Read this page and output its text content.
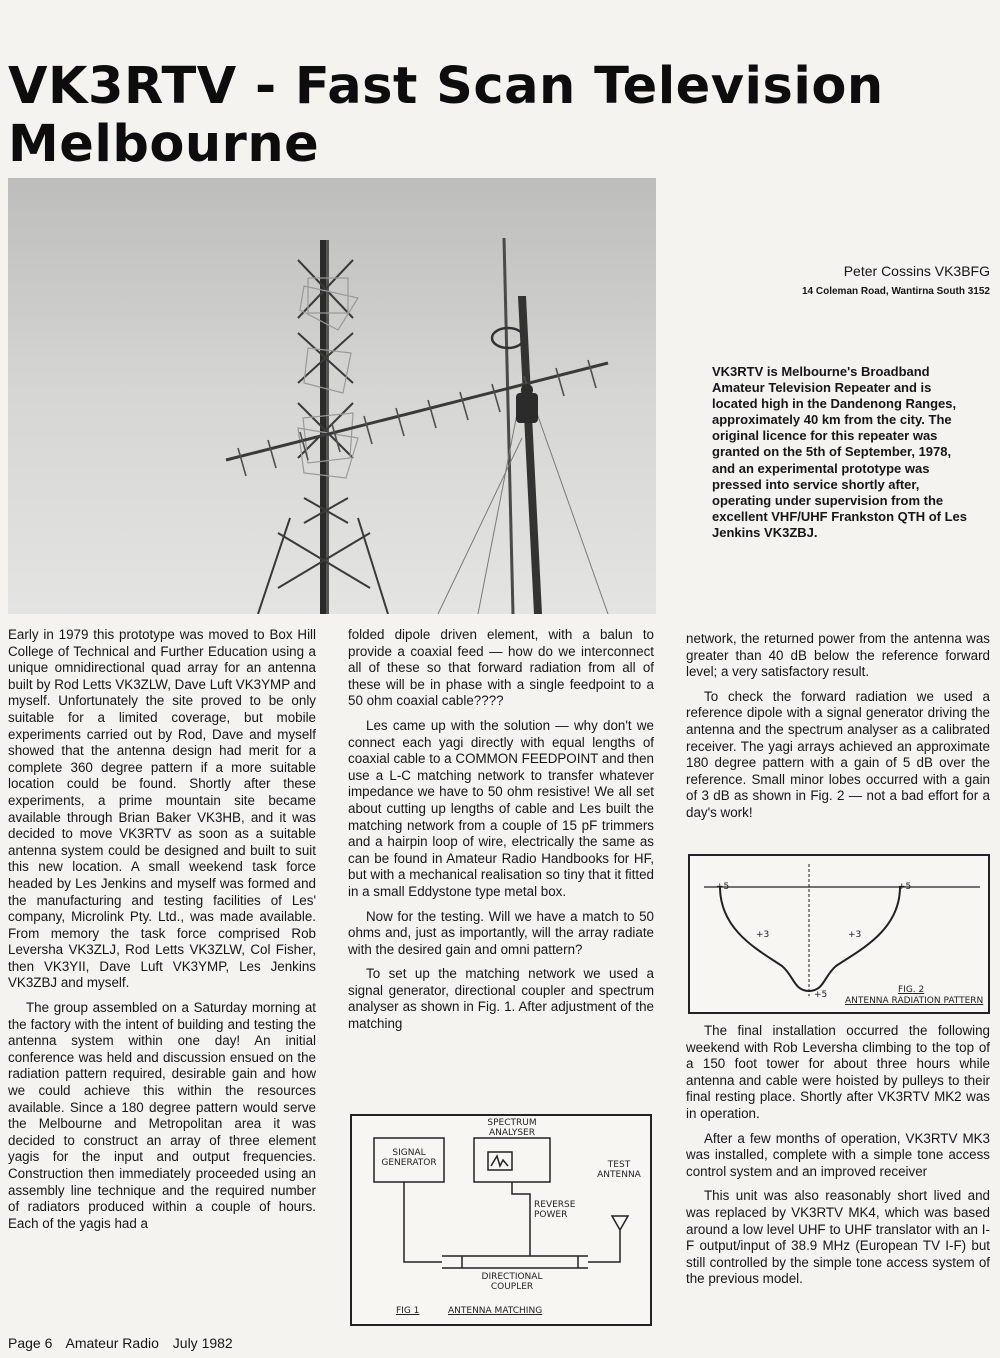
VK3RTV - Fast Scan Television
Melbourne
Peter Cossins VK3BFG
14 Coleman Road, Wantirna South 3152
VK3RTV is Melbourne's Broadband Amateur Television Repeater and is located high in the Dandenong Ranges, approximately 40 km from the city. The original licence for this repeater was granted on the 5th of September, 1978, and an experimental prototype was pressed into service shortly after, operating under supervision from the excellent VHF/UHF Frankston QTH of Les Jenkins VK3ZBJ.

Early in 1979 this prototype was moved to Box Hill College of Technical and Further Education using a unique omnidirectional quad array for an antenna built by Rod Letts VK3ZLW, Dave Luft VK3YMP and myself. Unfortunately the site proved to be only suitable for a limited coverage, but mobile experiments carried out by Rod, Dave and myself showed that the antenna design had merit for a complete 360 degree pattern if a more suitable location could be found. Shortly after these experiments, a prime mountain site became available through Brian Baker VK3HB, and it was decided to move VK3RTV as soon as a suitable antenna system could be designed and built to suit this new location. A small weekend task force headed by Les Jenkins and myself was formed and the manufacturing and testing facilities of Les' company, Microlink Pty. Ltd., was made available. From memory the task force comprised Rob Leversha VK3ZLJ, Rod Letts VK3ZLW, Col Fisher, then VK3YII, Dave Luft VK3YMP, Les Jenkins VK3ZBJ and myself.

The group assembled on a Saturday morning at the factory with the intent of building and testing the antenna system within one day! An initial conference was held and discussion ensued on the radiation pattern required, desirable gain and how we could achieve this within the resources available. Since a 180 degree pattern would serve the Melbourne and Metropolitan area it was decided to construct an array of three element yagis for the input and output frequencies. Construction then immediately proceeded using an assembly line technique and the required number of radiators produced within a couple of hours. Each of the yagis had a

folded dipole driven element, with a balun to provide a coaxial feed — how do we interconnect all of these so that forward radiation from all of these will be in phase with a single feedpoint to a 50 ohm coaxial cable????

Les came up with the solution — why don't we connect each yagi directly with equal lengths of coaxial cable to a COMMON FEEDPOINT and then use a L-C matching network to transfer whatever impedance we have to 50 ohm resistive! We all set about cutting up lengths of cable and Les built the matching network from a couple of 15 pF trimmers and a hairpin loop of wire, electrically the same as can be found in Amateur Radio Handbooks for HF, but with a mechanical realisation so tiny that it fitted in a small Eddystone type metal box.

Now for the testing. Will we have a match to 50 ohms and, just as importantly, will the array radiate with the desired gain and omni pattern?

To set up the matching network we used a signal generator, directional coupler and spectrum analyser as shown in Fig. 1. After adjustment of the matching

network, the returned power from the antenna was greater than 40 dB below the reference forward level; a very satisfactory result.

To check the forward radiation we used a reference dipole with a signal generator driving the antenna and the spectrum analyser as a calibrated receiver. The yagi arrays achieved an approximate 180 degree pattern with a gain of 5 dB over the reference. Small minor lobes occurred with a gain of 3 dB as shown in Fig. 2 — not a bad effort for a day's work!

+5	+5
+3	+3
+5	FIG. 2
ANTENNA RADIATION PATTERN

The final installation occurred the following weekend with Rob Leversha climbing to the top of a 150 foot tower for about three hours while antenna and cable were hoisted by pulleys to their final resting place. Shortly after VK3RTV MK2 was in operation.

After a few months of operation, VK3RTV MK3 was installed, complete with a simple tone access control system and an improved receiver

This unit was also reasonably short lived and was replaced by VK3RTV MK4, which was based around a low level UHF to UHF translator with an I-F output/input of 38.9 MHz (European TV I-F) but still controlled by the simple tone access system of the previous model.

SIGNAL
GENERATOR
SPECTRUM
ANALYSER
TEST
ANTENNA
REVERSE
POWER
DIRECTIONAL
COUPLER
FIG 1	ANTENNA MATCHING
Page 6 Amateur Radio July 1982
